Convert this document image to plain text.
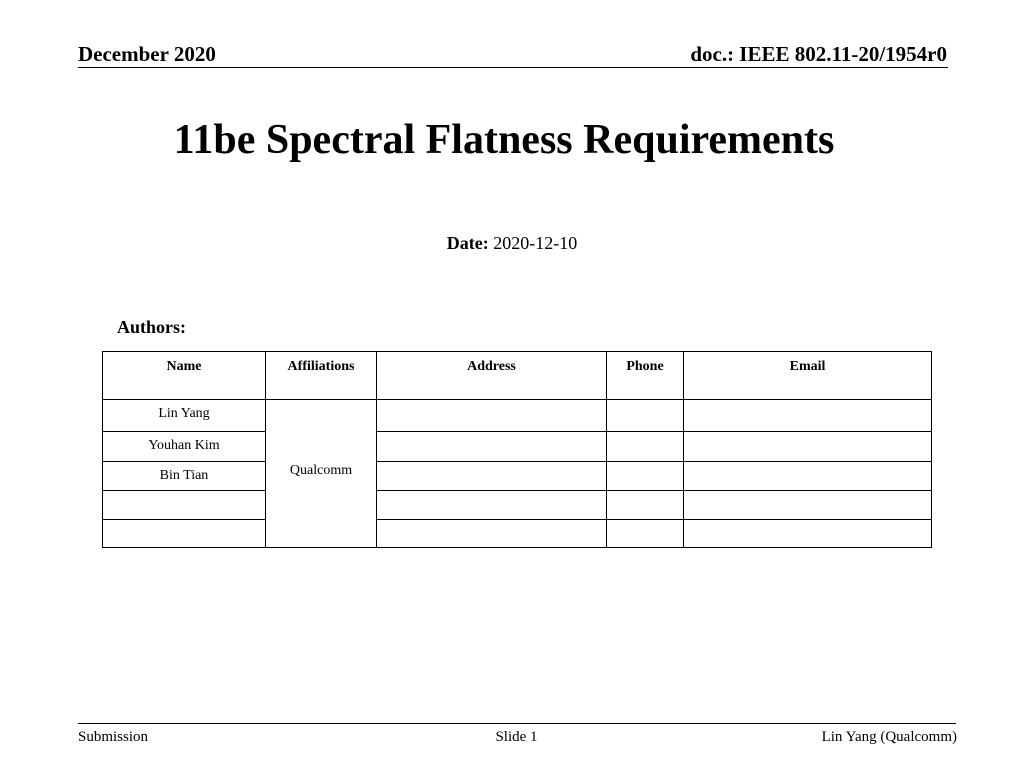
December 2020	doc.: IEEE 802.11-20/1954r0
11be Spectral Flatness Requirements
Date: 2020-12-10
Authors:
Name	Affiliations	Address	Phone	Email
Lin Yang	Qualcomm			
Youhan Kim				
Bin Tian				

Submission	Slide 1	Lin Yang (Qualcomm)
